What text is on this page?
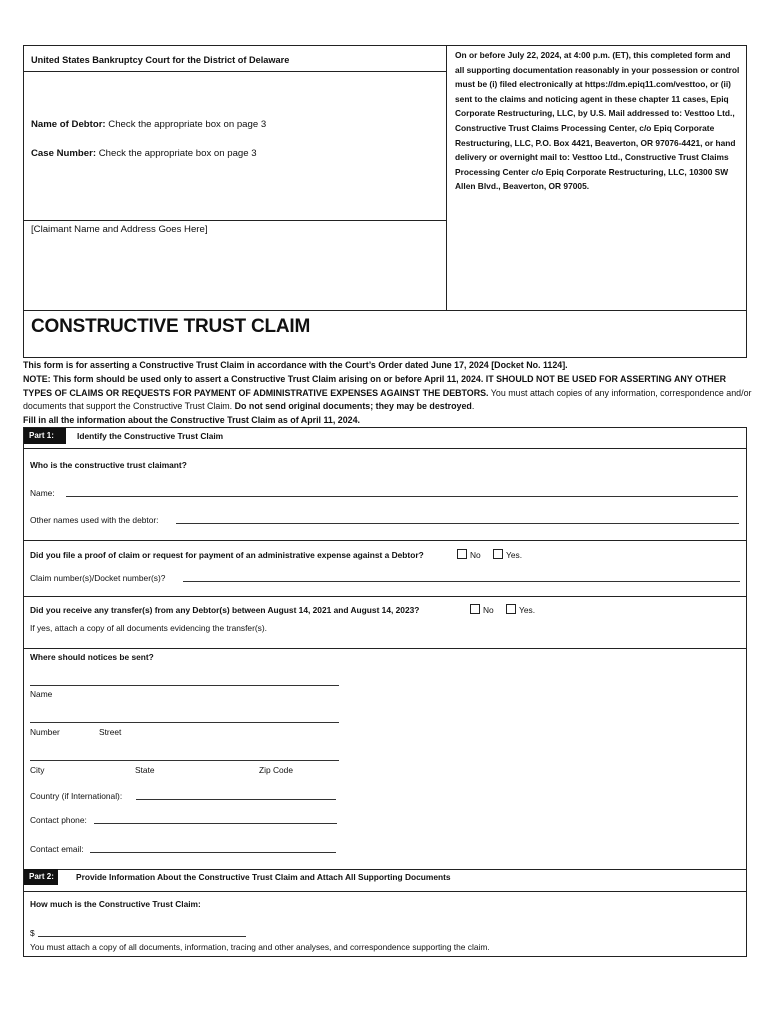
United States Bankruptcy Court for the District of Delaware
Name of Debtor: Check the appropriate box on page 3
Case Number: Check the appropriate box on page 3
[Claimant Name and Address Goes Here]
On or before July 22, 2024, at 4:00 p.m. (ET), this completed form and all supporting documentation reasonably in your possession or control must be (i) filed electronically at https://dm.epiq11.com/vesttoo, or (ii) sent to the claims and noticing agent in these chapter 11 cases, Epiq Corporate Restructuring, LLC, by U.S. Mail addressed to: Vesttoo Ltd., Constructive Trust Claims Processing Center, c/o Epiq Corporate Restructuring, LLC, P.O. Box 4421, Beaverton, OR 97076-4421, or hand delivery or overnight mail to: Vesttoo Ltd., Constructive Trust Claims Processing Center c/o Epiq Corporate Restructuring, LLC, 10300 SW Allen Blvd., Beaverton, OR 97005.
CONSTRUCTIVE TRUST CLAIM
This form is for asserting a Constructive Trust Claim in accordance with the Court’s Order dated June 17, 2024 [Docket No. 1124].
NOTE: This form should be used only to assert a Constructive Trust Claim arising on or before April 11, 2024. IT SHOULD NOT BE USED FOR ASSERTING ANY OTHER TYPES OF CLAIMS OR REQUESTS FOR PAYMENT OF ADMINISTRATIVE EXPENSES AGAINST THE DEBTORS. You must attach copies of any information, correspondence and/or documents that support the Constructive Trust Claim. Do not send original documents; they may be destroyed.
Fill in all the information about the Constructive Trust Claim as of April 11, 2024.
Part 1:	Identify the Constructive Trust Claim
Who is the constructive trust claimant?
Name:
Other names used with the debtor:
Did you file a proof of claim or request for payment of an administrative expense against a Debtor?	No	Yes.
Claim number(s)/Docket number(s)?
Did you receive any transfer(s) from any Debtor(s) between August 14, 2021 and August 14, 2023?	No	Yes.
If yes, attach a copy of all documents evidencing the transfer(s).
Where should notices be sent?
Name
Number	Street
City	State	Zip Code
Country (if International):
Contact phone:
Contact email:
Part 2:	Provide Information About the Constructive Trust Claim and Attach All Supporting Documents
How much is the Constructive Trust Claim:
$
You must attach a copy of all documents, information, tracing and other analyses, and correspondence supporting the claim.
